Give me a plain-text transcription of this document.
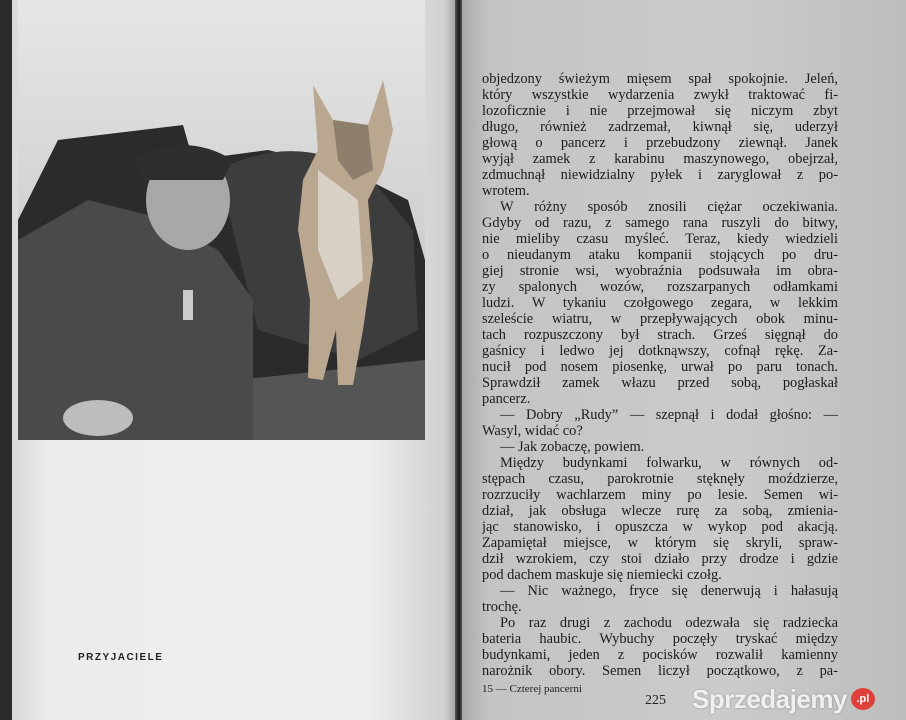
PRZYJACIELE
objedzony świeżym mięsem spał spokojnie. Jeleń,
który wszystkie wydarzenia zwykł traktować fi-
lozoficznie i nie przejmował się niczym zbyt
długo, również zadrzemał, kiwnął się, uderzył
głową o pancerz i przebudzony ziewnął. Janek
wyjął zamek z karabinu maszynowego, obejrzał,
zdmuchnął niewidzialny pyłek i zaryglował z po-
wrotem.
W różny sposób znosili ciężar oczekiwania.
Gdyby od razu, z samego rana ruszyli do bitwy,
nie mieliby czasu myśleć. Teraz, kiedy wiedzieli
o nieudanym ataku kompanii stojących po dru-
giej stronie wsi, wyobraźnia podsuwała im obra-
zy spalonych wozów, rozszarpanych odłamkami
ludzi. W tykaniu czołgowego zegara, w lekkim
szeleście wiatru, w przepływających obok minu-
tach rozpuszczony był strach. Grześ sięgnął do
gaśnicy i ledwo jej dotknąwszy, cofnął rękę. Za-
nucił pod nosem piosenkę, urwał po paru tonach.
Sprawdził zamek włazu przed sobą, pogłaskał
pancerz.
— Dobry „Rudy” — szepnął i dodał głośno: —
Wasyl, widać co?
— Jak zobaczę, powiem.
Między budynkami folwarku, w równych od-
stępach czasu, parokrotnie stęknęły moździerze,
rozrzuciły wachlarzem miny po lesie. Semen wi-
dział, jak obsługa wlecze rurę za sobą, zmienia-
jąc stanowisko, i opuszcza w wykop pod akacją.
Zapamiętał miejsce, w którym się skryli, spraw-
dził wzrokiem, czy stoi działo przy drodze i gdzie
pod dachem maskuje się niemiecki czołg.
— Nic ważnego, fryce się denerwują i hałasują
trochę.
Po raz drugi z zachodu odezwała się radziecka
bateria haubic. Wybuchy poczęły tryskać między
budynkami, jeden z pocisków rozwalił kamienny
narożnik obory. Semen liczył początkowo, z pa-
15 — Czterej pancerni
225 Sprzedajemy .pl
